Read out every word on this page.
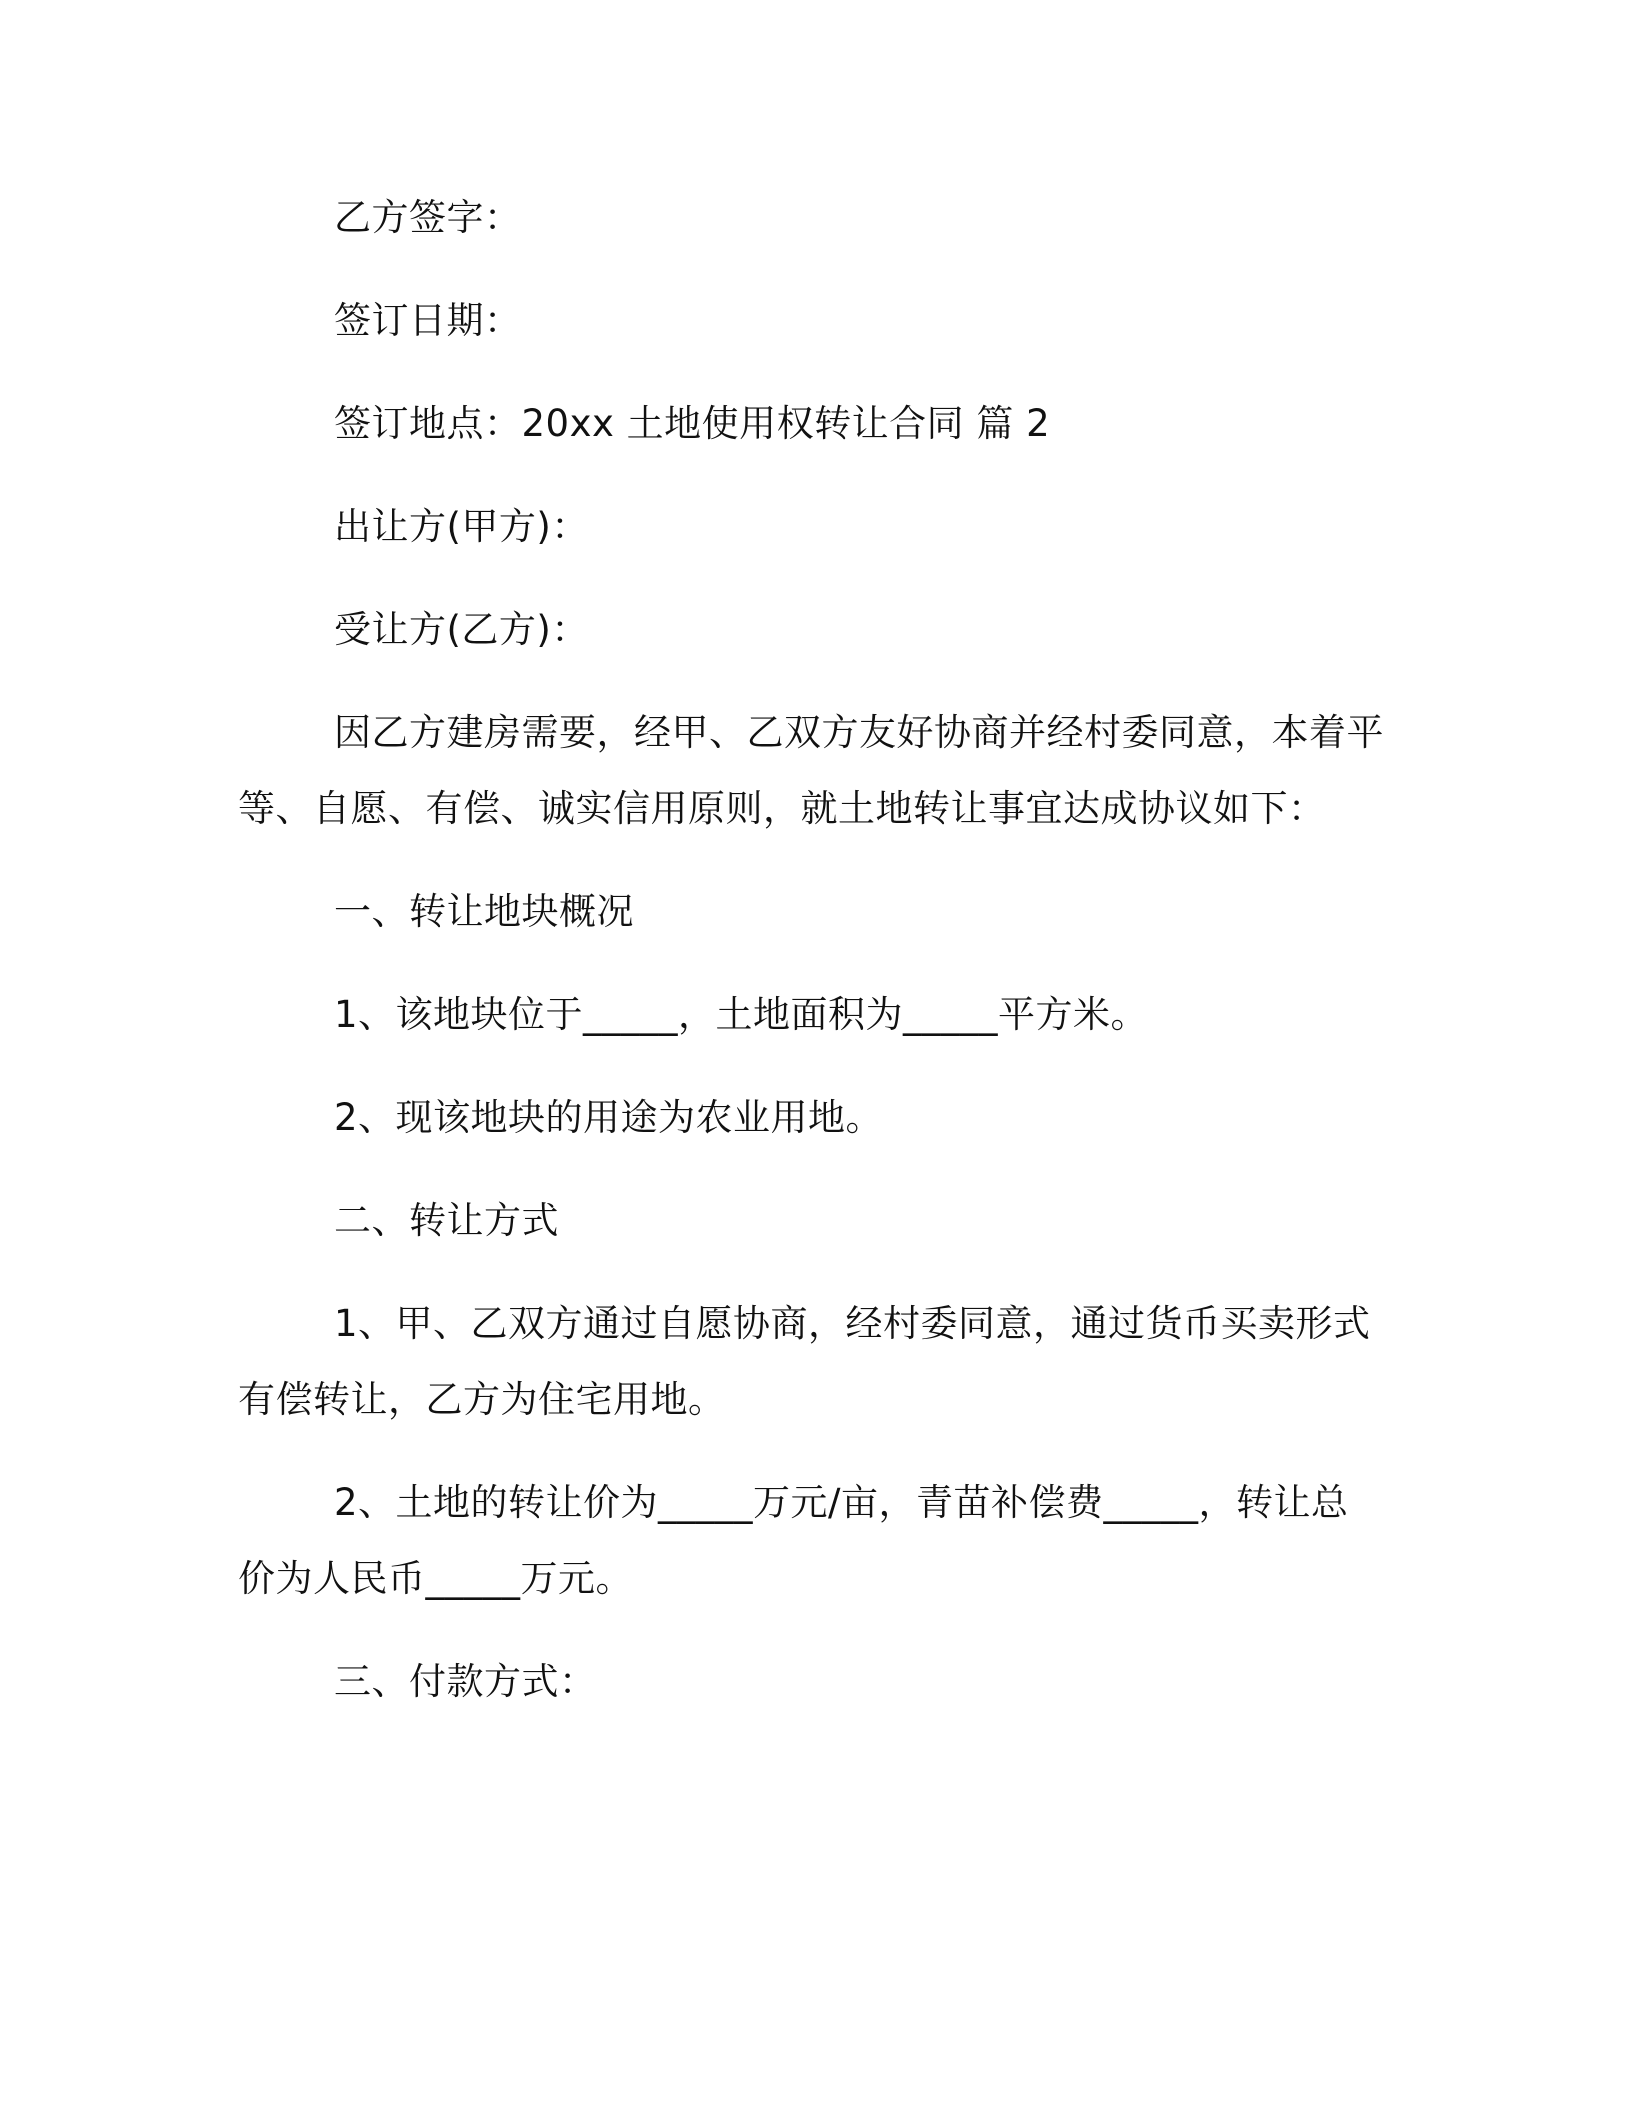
乙方签字：
签订日期：
签订地点：20xx 土地使用权转让合同 篇 2
出让方(甲方)：
受让方(乙方)：
因乙方建房需要，经甲、乙双方友好协商并经村委同意，本着平
等、自愿、有偿、诚实信用原则，就土地转让事宜达成协议如下：
一、转让地块概况
1、该地块位于_____，土地面积为_____平方米。
2、现该地块的用途为农业用地。
二、转让方式
1、甲、乙双方通过自愿协商，经村委同意，通过货币买卖形式
有偿转让，乙方为住宅用地。
2、土地的转让价为_____万元/亩，青苗补偿费_____，转让总
价为人民币_____万元。
三、付款方式：
